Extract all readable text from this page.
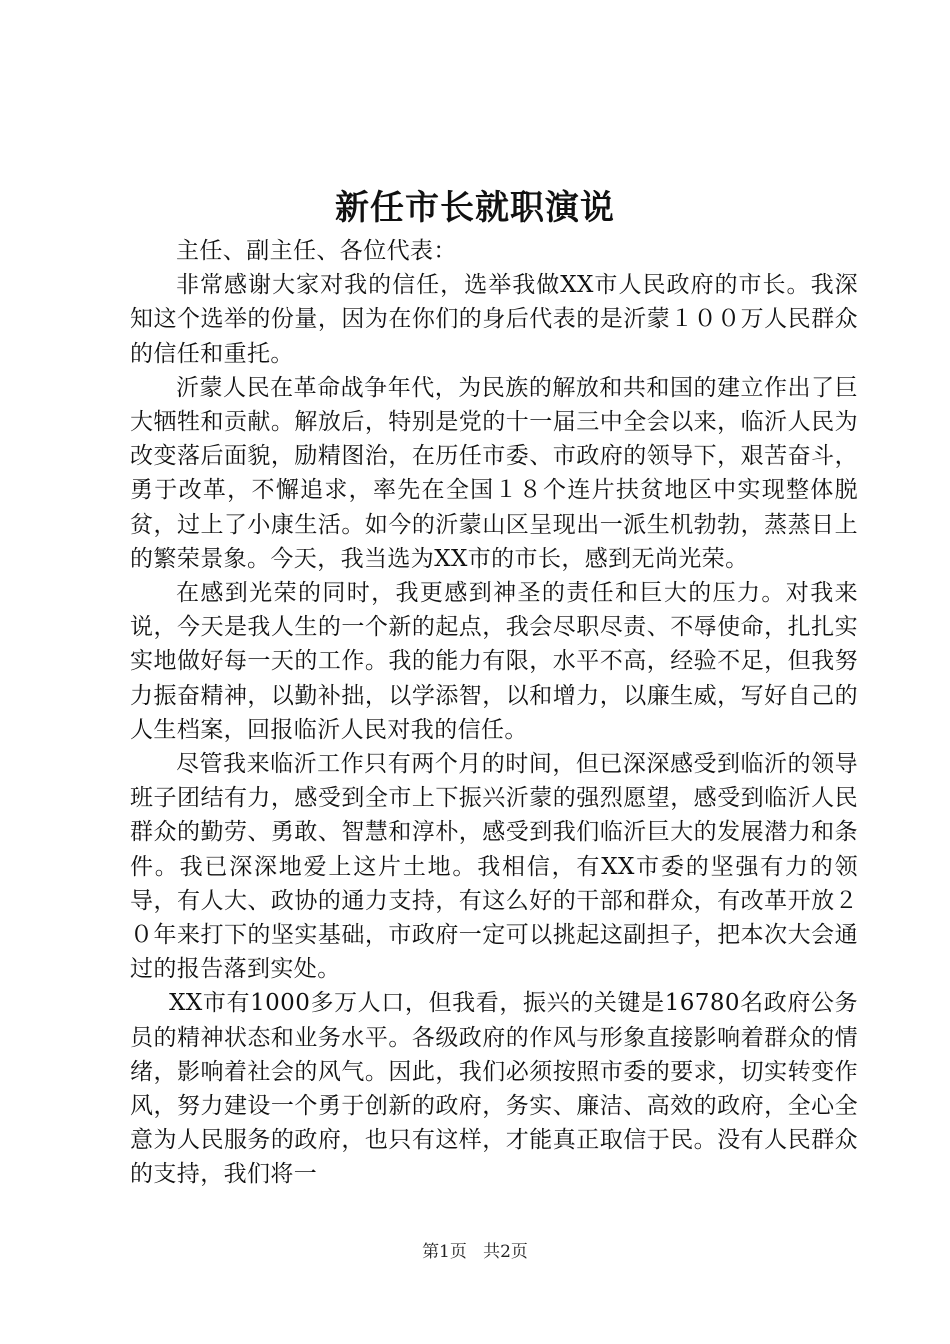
新任市长就职演说

主任、副主任、各位代表：

非常感谢大家对我的信任，选举我做XX市人民政府的市长。我深知这个选举的份量，因为在你们的身后代表的是沂蒙１００万人民群众的信任和重托。

沂蒙人民在革命战争年代，为民族的解放和共和国的建立作出了巨大牺牲和贡献。解放后，特别是党的十一届三中全会以来，临沂人民为改变落后面貌，励精图治，在历任市委、市政府的领导下，艰苦奋斗，勇于改革，不懈追求，率先在全国１８个连片扶贫地区中实现整体脱贫，过上了小康生活。如今的沂蒙山区呈现出一派生机勃勃，蒸蒸日上的繁荣景象。今天，我当选为XX市的市长，感到无尚光荣。

在感到光荣的同时，我更感到神圣的责任和巨大的压力。对我来说，今天是我人生的一个新的起点，我会尽职尽责、不辱使命，扎扎实实地做好每一天的工作。我的能力有限，水平不高，经验不足，但我努力振奋精神，以勤补拙，以学添智，以和增力，以廉生威，写好自己的人生档案，回报临沂人民对我的信任。

尽管我来临沂工作只有两个月的时间，但已深深感受到临沂的领导班子团结有力，感受到全市上下振兴沂蒙的强烈愿望，感受到临沂人民群众的勤劳、勇敢、智慧和淳朴，感受到我们临沂巨大的发展潜力和条件。我已深深地爱上这片土地。我相信，有XX市委的坚强有力的领导，有人大、政协的通力支持，有这么好的干部和群众，有改革开放２０年来打下的坚实基础，市政府一定可以挑起这副担子，把本次大会通过的报告落到实处。

XX市有1000多万人口，但我看，振兴的关键是16780名政府公务员的精神状态和业务水平。各级政府的作风与形象直接影响着群众的情绪，影响着社会的风气。因此，我们必须按照市委的要求，切实转变作风，努力建设一个勇于创新的政府，务实、廉洁、高效的政府，全心全意为人民服务的政府，也只有这样，才能真正取信于民。没有人民群众的支持，我们将一

第1页 共2页
